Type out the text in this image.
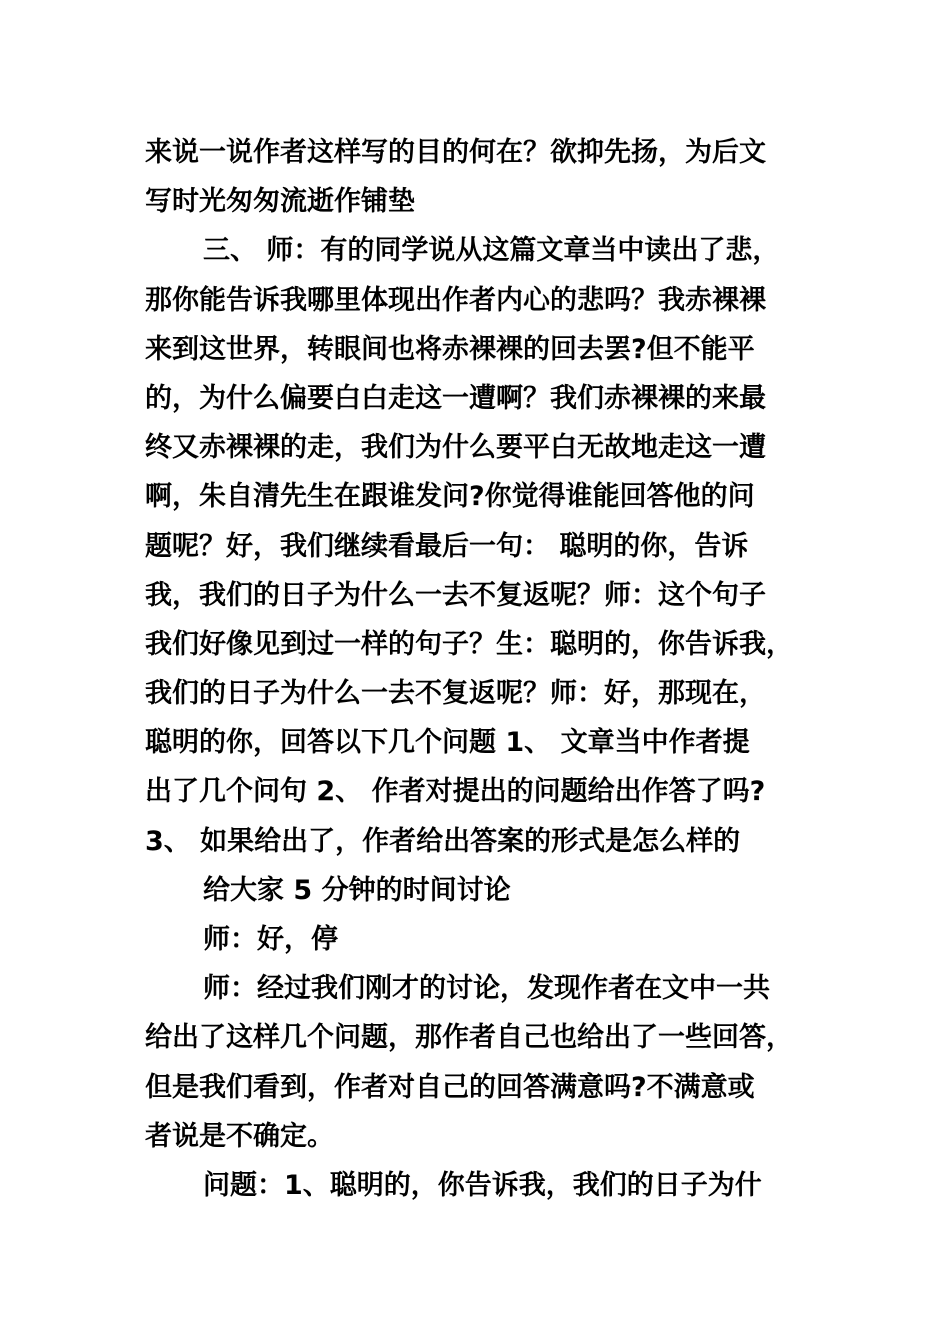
来说一说作者这样写的目的何在？欲抑先扬，为后文
写时光匆匆流逝作铺垫
三、 师：有的同学说从这篇文章当中读出了悲，
那你能告诉我哪里体现出作者内心的悲吗？我赤裸裸
来到这世界，转眼间也将赤裸裸的回去罢?但不能平
的，为什么偏要白白走这一遭啊？我们赤裸裸的来最
终又赤裸裸的走，我们为什么要平白无故地走这一遭
啊，朱自清先生在跟谁发问?你觉得谁能回答他的问
题呢？好，我们继续看最后一句： 聪明的你，告诉
我，我们的日子为什么一去不复返呢？师：这个句子
我们好像见到过一样的句子？生：聪明的，你告诉我，
我们的日子为什么一去不复返呢？师：好，那现在，
聪明的你，回答以下几个问题 1、 文章当中作者提
出了几个问句 2、 作者对提出的问题给出作答了吗?
3、 如果给出了，作者给出答案的形式是怎么样的
给大家 5 分钟的时间讨论
师：好，停
师：经过我们刚才的讨论，发现作者在文中一共
给出了这样几个问题，那作者自己也给出了一些回答，
但是我们看到，作者对自己的回答满意吗?不满意或
者说是不确定。
问题：1、聪明的，你告诉我，我们的日子为什
